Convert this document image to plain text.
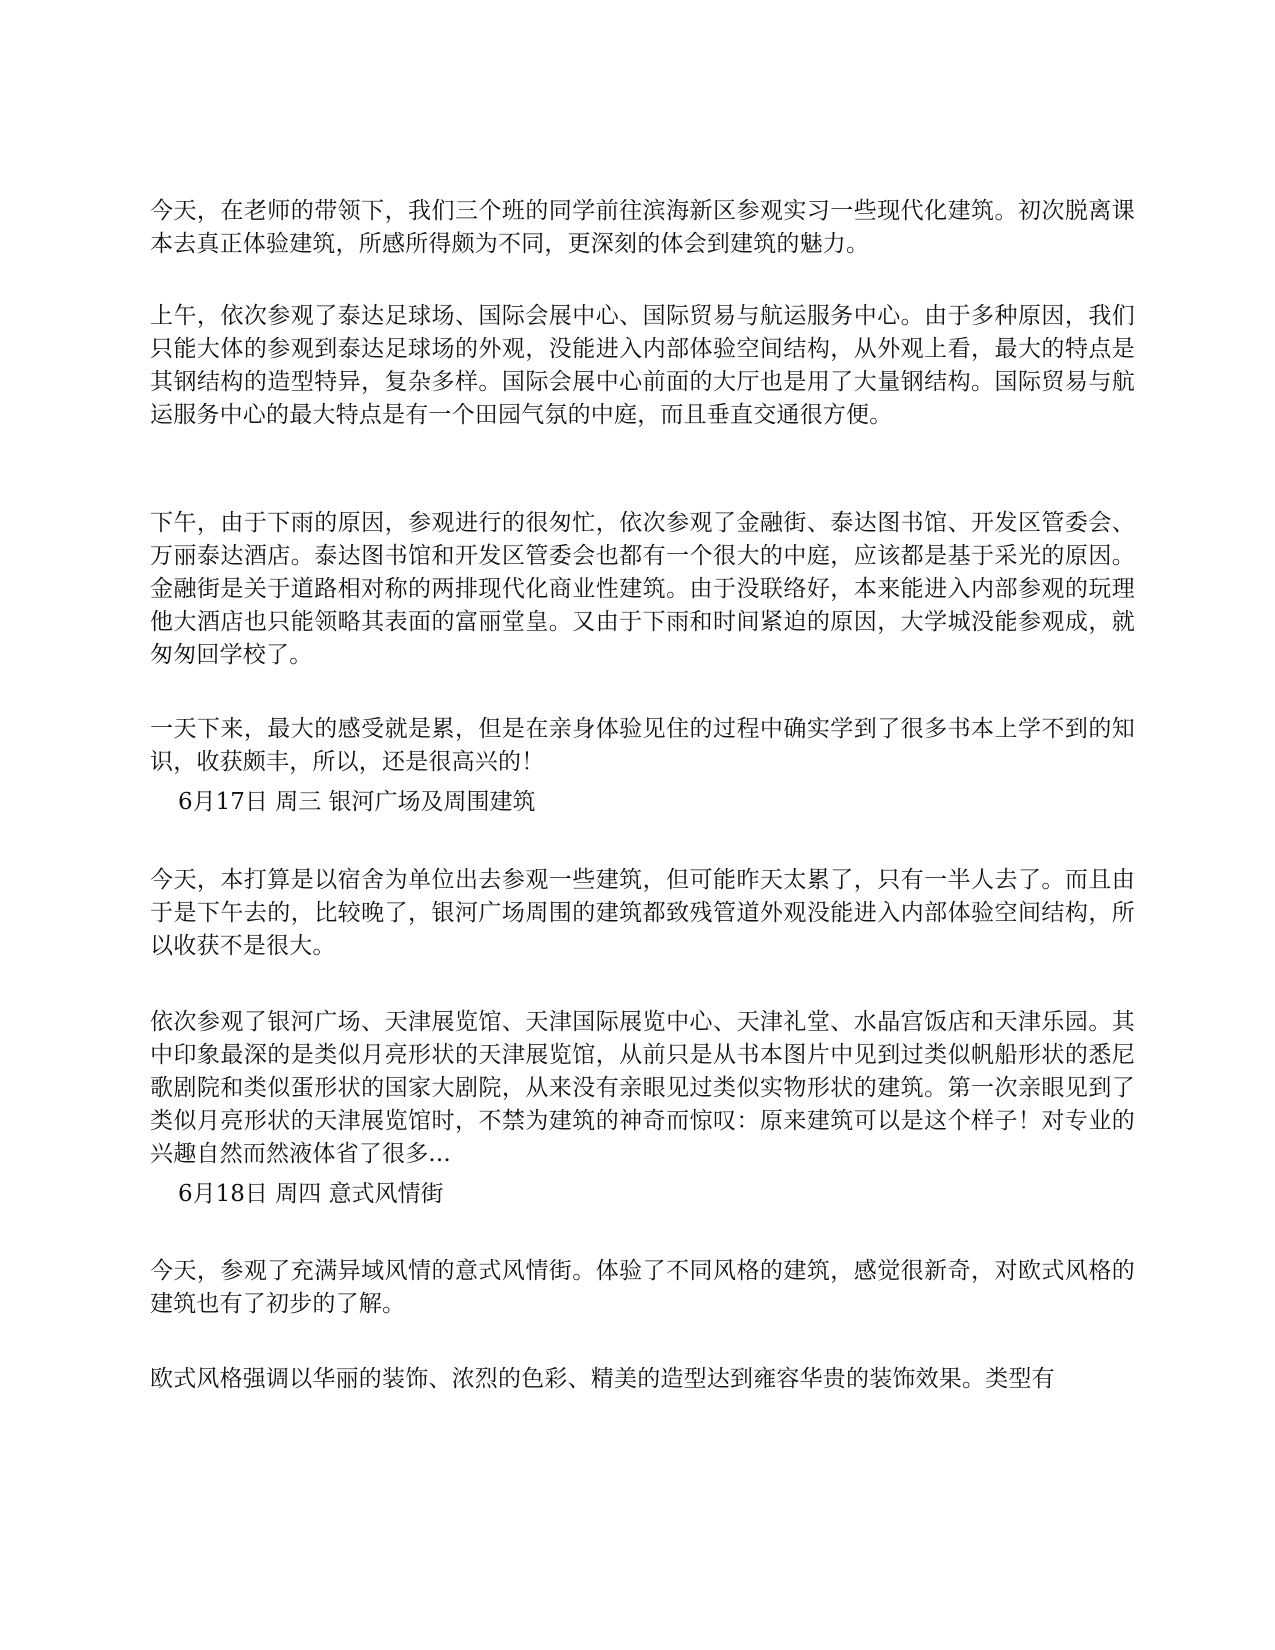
今天，在老师的带领下，我们三个班的同学前往滨海新区参观实习一些现代化建筑。初次脱离课本去真正体验建筑，所感所得颇为不同，更深刻的体会到建筑的魅力。

上午，依次参观了泰达足球场、国际会展中心、国际贸易与航运服务中心。由于多种原因，我们只能大体的参观到泰达足球场的外观，没能进入内部体验空间结构，从外观上看，最大的特点是其钢结构的造型特异，复杂多样。国际会展中心前面的大厅也是用了大量钢结构。国际贸易与航运服务中心的最大特点是有一个田园气氛的中庭，而且垂直交通很方便。

下午，由于下雨的原因，参观进行的很匆忙，依次参观了金融街、泰达图书馆、开发区管委会、万丽泰达酒店。泰达图书馆和开发区管委会也都有一个很大的中庭，应该都是基于采光的原因。金融街是关于道路相对称的两排现代化商业性建筑。由于没联络好，本来能进入内部参观的玩理他大酒店也只能领略其表面的富丽堂皇。又由于下雨和时间紧迫的原因，大学城没能参观成，就匆匆回学校了。

一天下来，最大的感受就是累，但是在亲身体验见住的过程中确实学到了很多书本上学不到的知识，收获颇丰，所以，还是很高兴的！

6月17日 周三 银河广场及周围建筑

今天，本打算是以宿舍为单位出去参观一些建筑，但可能昨天太累了，只有一半人去了。而且由于是下午去的，比较晚了，银河广场周围的建筑都致残管道外观没能进入内部体验空间结构，所以收获不是很大。

依次参观了银河广场、天津展览馆、天津国际展览中心、天津礼堂、水晶宫饭店和天津乐园。其中印象最深的是类似月亮形状的天津展览馆，从前只是从书本图片中见到过类似帆船形状的悉尼歌剧院和类似蛋形状的国家大剧院，从来没有亲眼见过类似实物形状的建筑。第一次亲眼见到了类似月亮形状的天津展览馆时，不禁为建筑的神奇而惊叹：原来建筑可以是这个样子！对专业的兴趣自然而然液体省了很多...

6月18日 周四 意式风情街

今天，参观了充满异域风情的意式风情街。体验了不同风格的建筑，感觉很新奇，对欧式风格的建筑也有了初步的了解。

欧式风格强调以华丽的装饰、浓烈的色彩、精美的造型达到雍容华贵的装饰效果。类型有
